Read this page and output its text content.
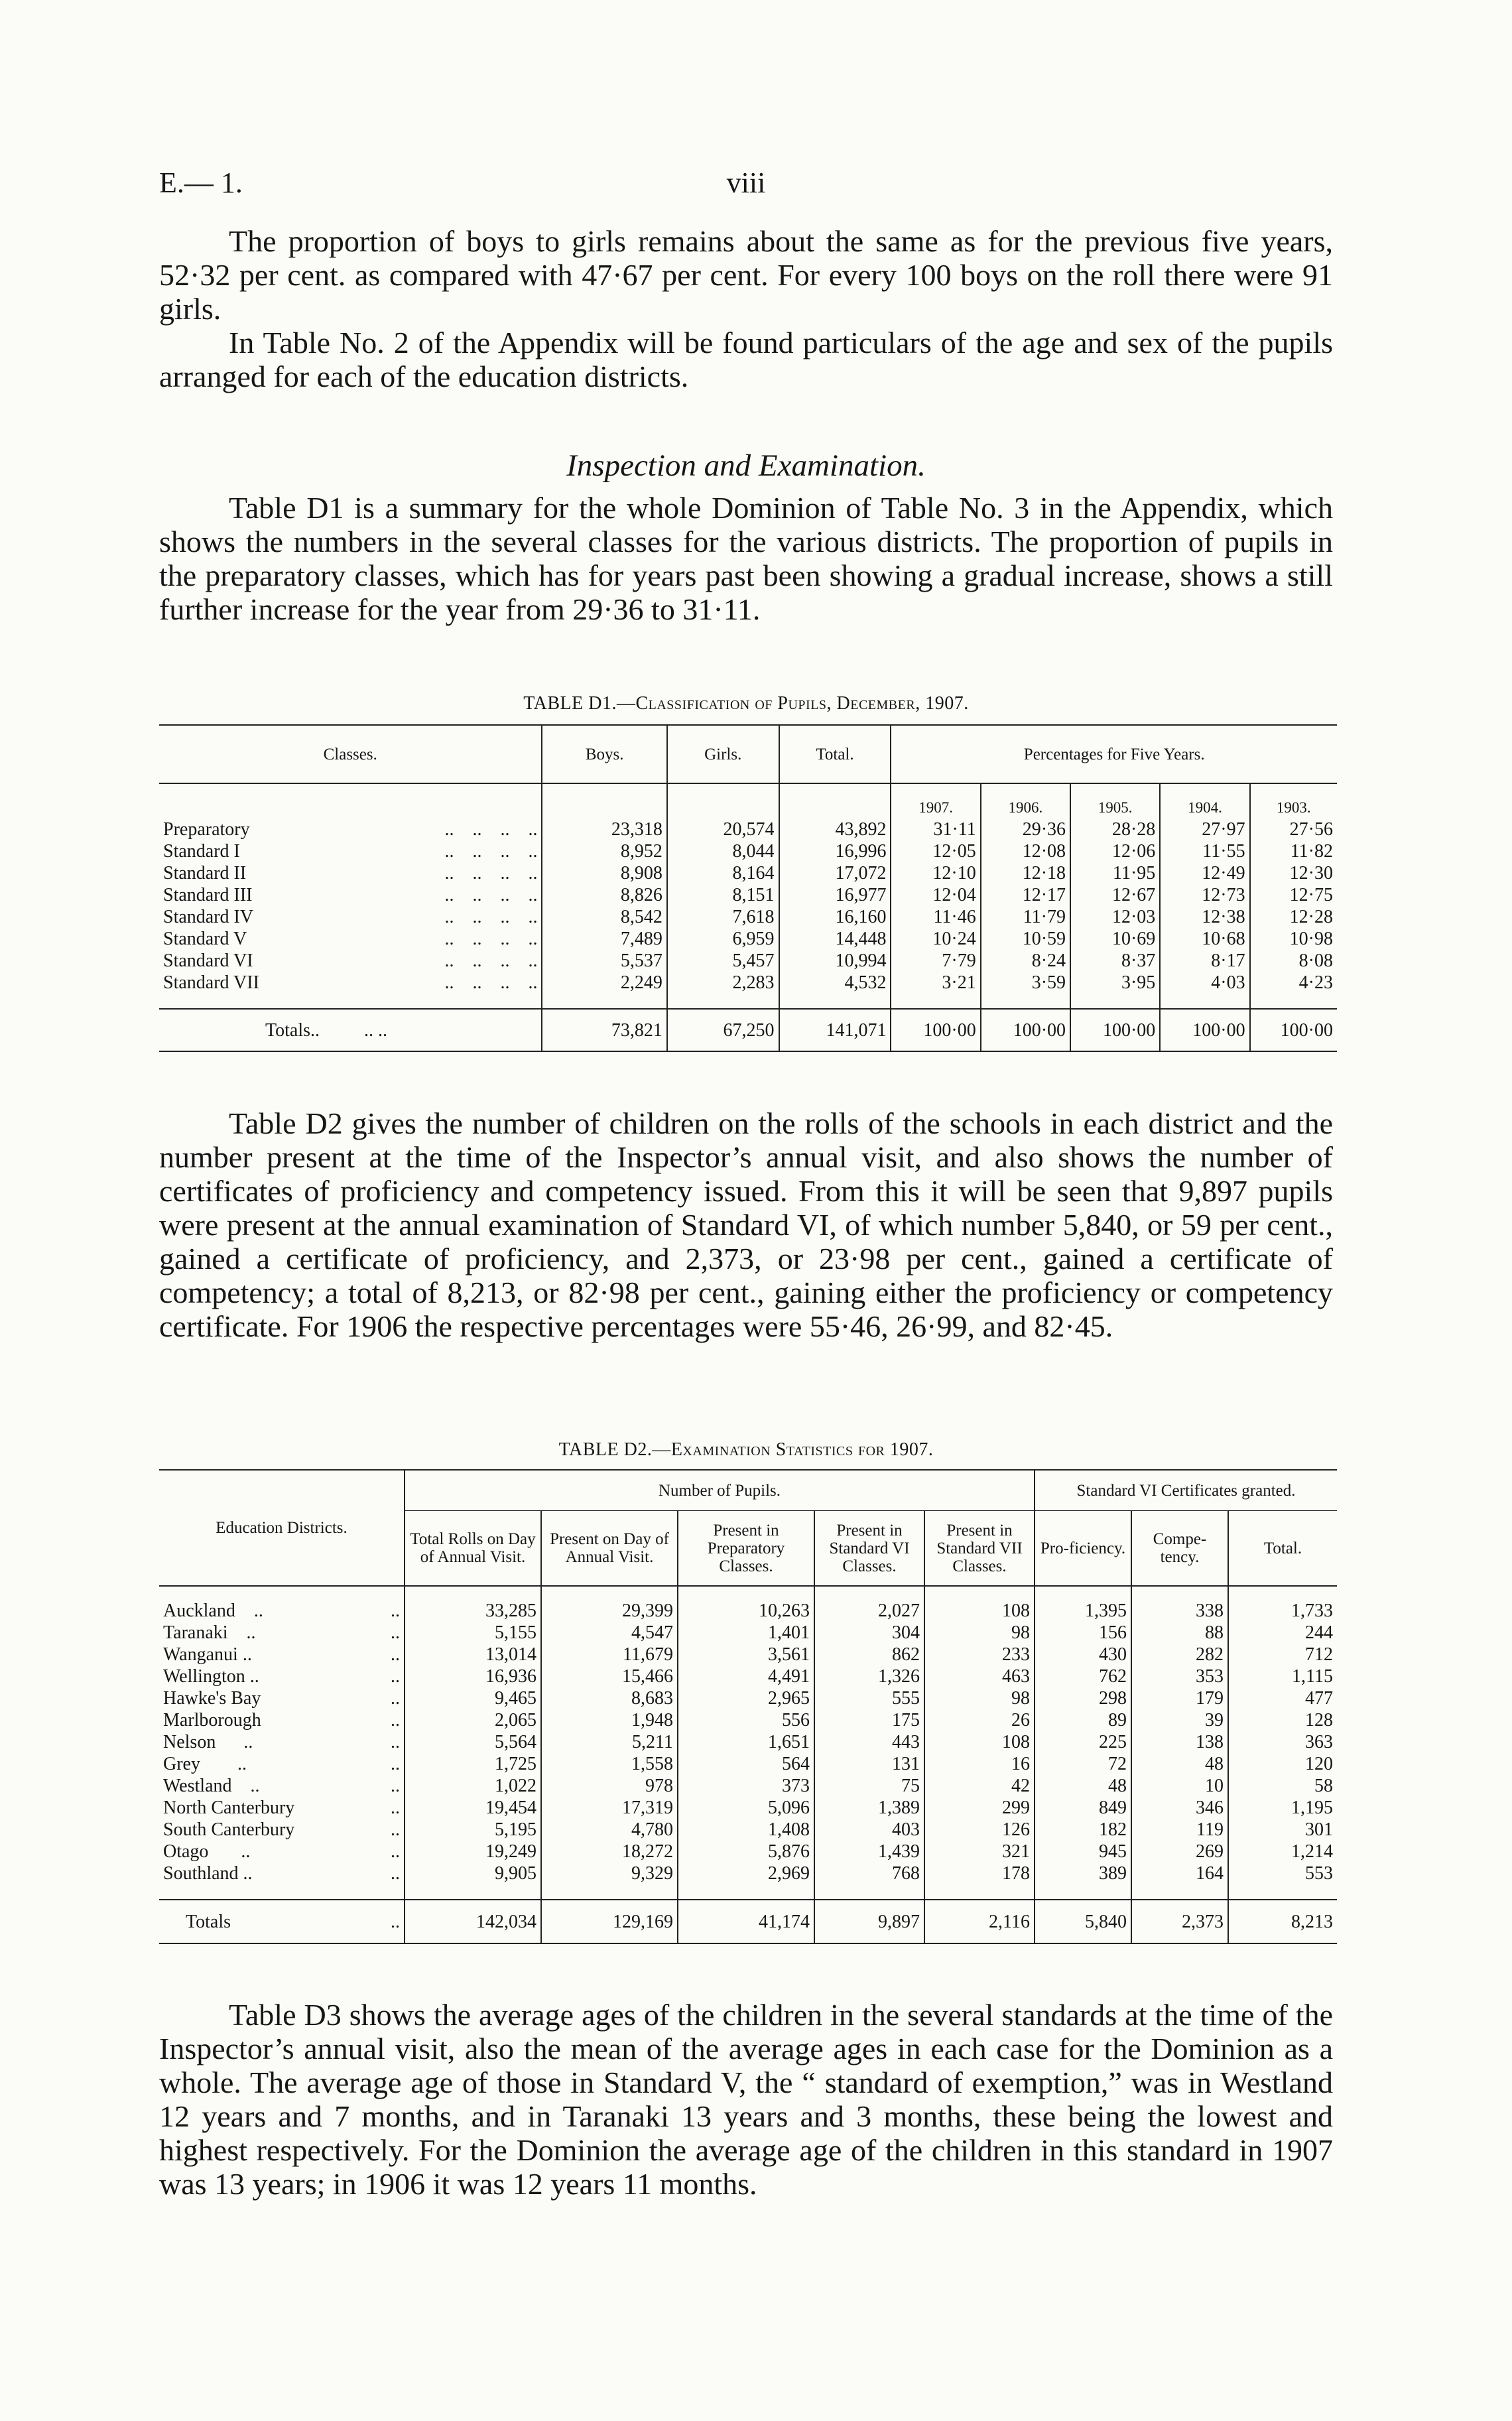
E.— 1.	viii

The proportion of boys to girls remains about the same as for the previous five years, 52·32 per cent. as compared with 47·67 per cent. For every 100 boys on the roll there were 91 girls.

In Table No. 2 of the Appendix will be found particulars of the age and sex of the pupils arranged for each of the education districts.

Inspection and Examination.

Table D1 is a summary for the whole Dominion of Table No. 3 in the Appendix, which shows the numbers in the several classes for the various districts. The proportion of pupils in the preparatory classes, which has for years past been showing a gradual increase, shows a still further increase for the year from 29·36 to 31·11.

TABLE D1.—Classification of Pupils, December, 1907.
Classes.	Boys.	Girls.	Total.	Percentages for Five Years.				
				1907.	1906.	1905.	1904.	1903.
Preparatory ..    ..    ..    ..	23,318	20,574	43,892	31·11	29·36	28·28	27·97	27·56
Standard I ..    ..    ..    ..	8,952	8,044	16,996	12·05	12·08	12·06	11·55	11·82
Standard II ..    ..    ..    ..	8,908	8,164	17,072	12·10	12·18	11·95	12·49	12·30
Standard III ..    ..    ..    ..	8,826	8,151	16,977	12·04	12·17	12·67	12·73	12·75
Standard IV ..    ..    ..    ..	8,542	7,618	16,160	11·46	11·79	12·03	12·38	12·28
Standard V ..    ..    ..    ..	7,489	6,959	14,448	10·24	10·59	10·69	10·68	10·98
Standard VI ..    ..    ..    ..	5,537	5,457	10,994	7·79	8·24	8·37	8·17	8·08
Standard VII ..    ..    ..    ..	2,249	2,283	4,532	3·21	3·59	3·95	4·03	4·23

Totals.. .. ..	73,821	67,250	141,071	100·00	100·00	100·00	100·00	100·00

Table D2 gives the number of children on the rolls of the schools in each district and the number present at the time of the Inspector’s annual visit, and also shows the number of certificates of proficiency and competency issued. From this it will be seen that 9,897 pupils were present at the annual examination of Standard VI, of which number 5,840, or 59 per cent., gained a certificate of proficiency, and 2,373, or 23·98 per cent., gained a certificate of competency; a total of 8,213, or 82·98 per cent., gaining either the proficiency or competency certificate. For 1906 the respective percentages were 55·46, 26·99, and 82·45.

TABLE D2.—Examination Statistics for 1907.
Education Districts.	Number of Pupils.					Standard VI Certificates granted.		
	Total Rolls on Day of Annual Visit.	Present on Day of Annual Visit.	Present in Preparatory Classes.	Present in Standard VI Classes.	Present in Standard VII Classes.	Pro-ficiency.	Compe-tency.	Total.

Auckland    .. ..	33,285	29,399	10,263	2,027	108	1,395	338	1,733
Taranaki    .. ..	5,155	4,547	1,401	304	98	156	88	244
Wanganui .. ..	13,014	11,679	3,561	862	233	430	282	712
Wellington .. ..	16,936	15,466	4,491	1,326	463	762	353	1,115
Hawke's Bay ..	9,465	8,683	2,965	555	98	298	179	477
Marlborough ..	2,065	1,948	556	175	26	89	39	128
Nelson      .. ..	5,564	5,211	1,651	443	108	225	138	363
Grey        .. ..	1,725	1,558	564	131	16	72	48	120
Westland    .. ..	1,022	978	373	75	42	48	10	58
North Canterbury ..	19,454	17,319	5,096	1,389	299	849	346	1,195
South Canterbury ..	5,195	4,780	1,408	403	126	182	119	301
Otago       .. ..	19,249	18,272	5,876	1,439	321	945	269	1,214
Southland .. ..	9,905	9,329	2,969	768	178	389	164	553

Totals ..	142,034	129,169	41,174	9,897	2,116	5,840	2,373	8,213

Table D3 shows the average ages of the children in the several standards at the time of the Inspector’s annual visit, also the mean of the average ages in each case for the Dominion as a whole. The average age of those in Standard V, the “ standard of exemption,” was in Westland 12 years and 7 months, and in Taranaki 13 years and 3 months, these being the lowest and highest respectively. For the Dominion the average age of the children in this standard in 1907 was 13 years; in 1906 it was 12 years 11 months.
